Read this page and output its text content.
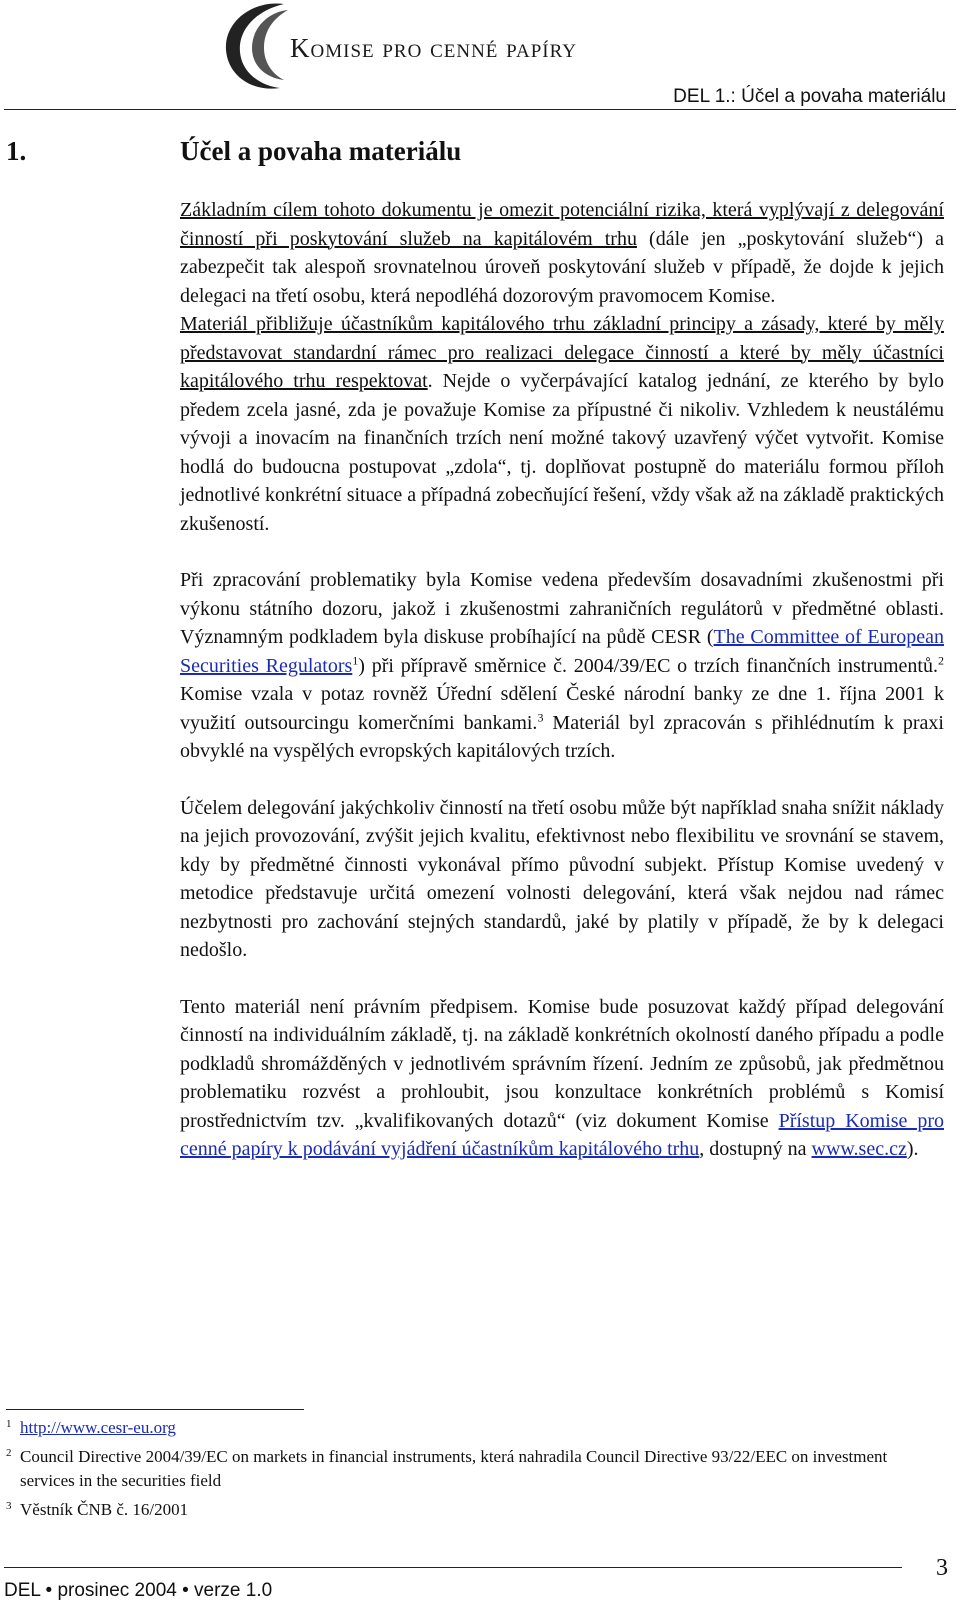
Komise pro cenné papíry
DEL 1.: Účel a povaha materiálu
1.	Účel a povaha materiálu

Základním cílem tohoto dokumentu je omezit potenciální rizika, která vyplývají z delegování činností při poskytování služeb na kapitálovém trhu (dále jen „poskytování služeb“) a zabezpečit tak alespoň srovnatelnou úroveň poskytování služeb v případě, že dojde k jejich delegaci na třetí osobu, která nepodléhá dozorovým pravomocem Komise.

Materiál přibližuje účastníkům kapitálového trhu základní principy a zásady, které by měly představovat standardní rámec pro realizaci delegace činností a které by měly účastníci kapitálového trhu respektovat. Nejde o vyčerpávající katalog jednání, ze kterého by bylo předem zcela jasné, zda je považuje Komise za přípustné či nikoliv. Vzhledem k neustálému vývoji a inovacím na finančních trzích není možné takový uzavřený výčet vytvořit. Komise hodlá do budoucna postupovat „zdola“, tj. doplňovat postupně do materiálu formou příloh jednotlivé konkrétní situace a případná zobecňující řešení, vždy však až na základě praktických zkušeností.

Při zpracování problematiky byla Komise vedena především dosavadními zkušenostmi při výkonu státního dozoru, jakož i zkušenostmi zahraničních regulátorů v předmětné oblasti. Významným podkladem byla diskuse probíhající na půdě CESR (The Committee of European Securities Regulators$^1$) při přípravě směrnice č. 2004/39/EC o trzích finančních instrumentů.$^2$ Komise vzala v potaz rovněž Úřední sdělení České národní banky ze dne 1. října 2001 k využití outsourcingu komerčními bankami.$^3$ Materiál byl zpracován s přihlédnutím k praxi obvyklé na vyspělých evropských kapitálových trzích.

Účelem delegování jakýchkoliv činností na třetí osobu může být například snaha snížit náklady na jejich provozování, zvýšit jejich kvalitu, efektivnost nebo flexibilitu ve srovnání se stavem, kdy by předmětné činnosti vykonával přímo původní subjekt. Přístup Komise uvedený v metodice představuje určitá omezení volnosti delegování, která však nejdou nad rámec nezbytnosti pro zachování stejných standardů, jaké by platily v případě, že by k delegaci nedošlo.

Tento materiál není právním předpisem. Komise bude posuzovat každý případ delegování činností na individuálním základě, tj. na základě konkrétních okolností daného případu a podle podkladů shromážděných v jednotlivém správním řízení. Jedním ze způsobů, jak předmětnou problematiku rozvést a prohloubit, jsou konzultace konkrétních problémů s Komisí prostřednictvím tzv. „kvalifikovaných dotazů“ (viz dokument Komise Přístup Komise pro cenné papíry k podávání vyjádření účastníkům kapitálového trhu, dostupný na www.sec.cz).

1 http://www.cesr-eu.org
2 Council Directive 2004/39/EC on markets in financial instruments, která nahradila Council Directive 93/22/EEC on investment services in the securities field
3 Věstník ČNB č. 16/2001
3
DEL • prosinec 2004 • verze 1.0
